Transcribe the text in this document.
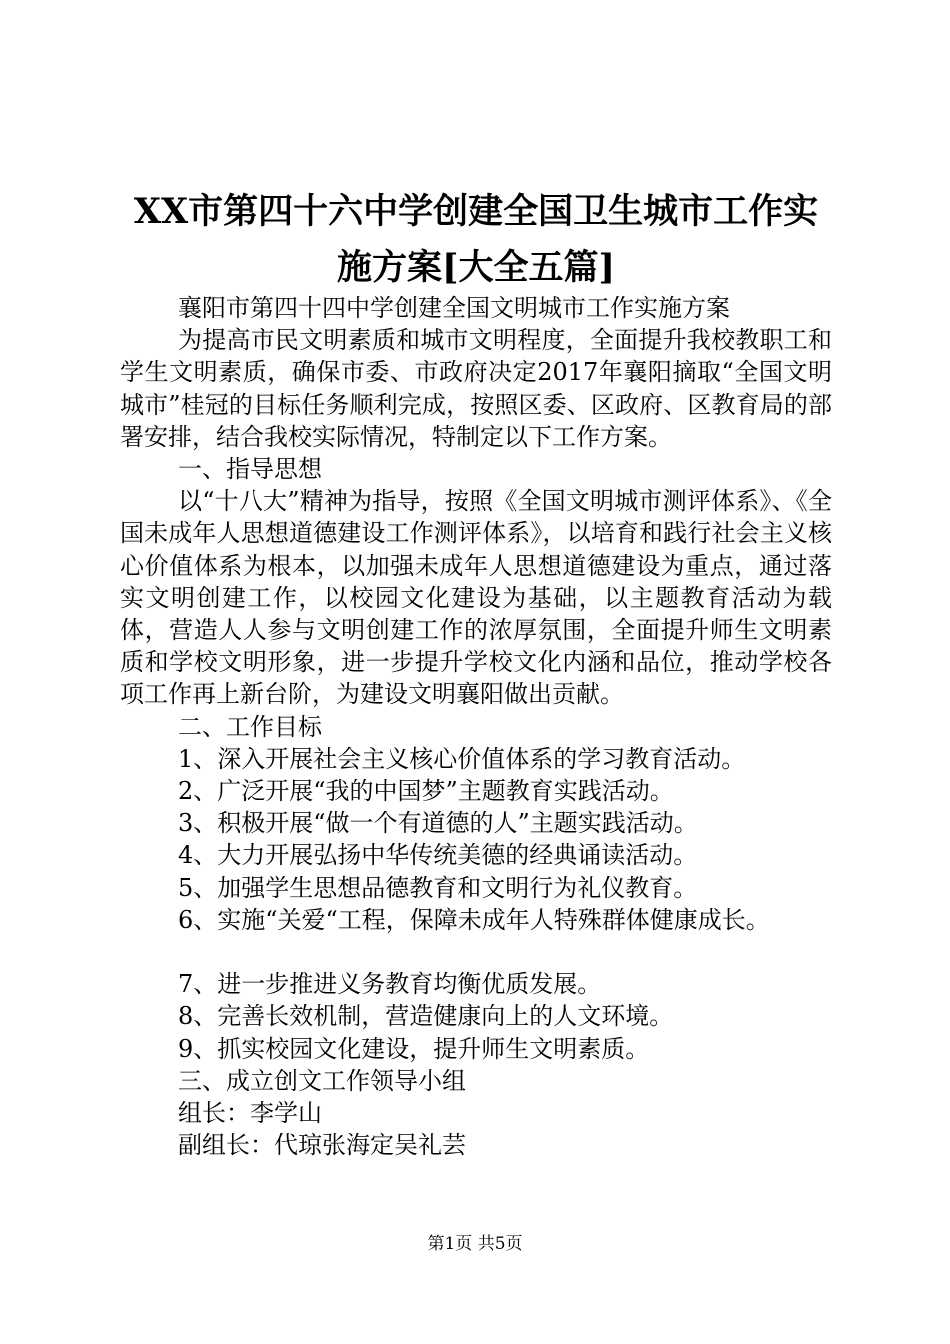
XX市第四十六中学创建全国卫生城市工作实
施方案[大全五篇]

襄阳市第四十四中学创建全国文明城市工作实施方案

为提高市民文明素质和城市文明程度，全面提升我校教职工和学生文明素质，确保市委、市政府决定2017年襄阳摘取“全国文明城市”桂冠的目标任务顺利完成，按照区委、区政府、区教育局的部署安排，结合我校实际情况，特制定以下工作方案。

一、指导思想

以“十八大”精神为指导，按照《全国文明城市测评体系》、《全国未成年人思想道德建设工作测评体系》，以培育和践行社会主义核心价值体系为根本，以加强未成年人思想道德建设为重点，通过落实文明创建工作，以校园文化建设为基础，以主题教育活动为载体，营造人人参与文明创建工作的浓厚氛围，全面提升师生文明素质和学校文明形象，进一步提升学校文化内涵和品位，推动学校各项工作再上新台阶，为建设文明襄阳做出贡献。

二、工作目标

1、深入开展社会主义核心价值体系的学习教育活动。

2、广泛开展“我的中国梦”主题教育实践活动。

3、积极开展“做一个有道德的人”主题实践活动。

4、大力开展弘扬中华传统美德的经典诵读活动。

5、加强学生思想品德教育和文明行为礼仪教育。

6、实施“关爱“工程，保障未成年人特殊群体健康成长。

7、进一步推进义务教育均衡优质发展。

8、完善长效机制，营造健康向上的人文环境。

9、抓实校园文化建设，提升师生文明素质。

三、成立创文工作领导小组

组长：李学山

副组长：代琼张海定吴礼芸

第1页 共5页
